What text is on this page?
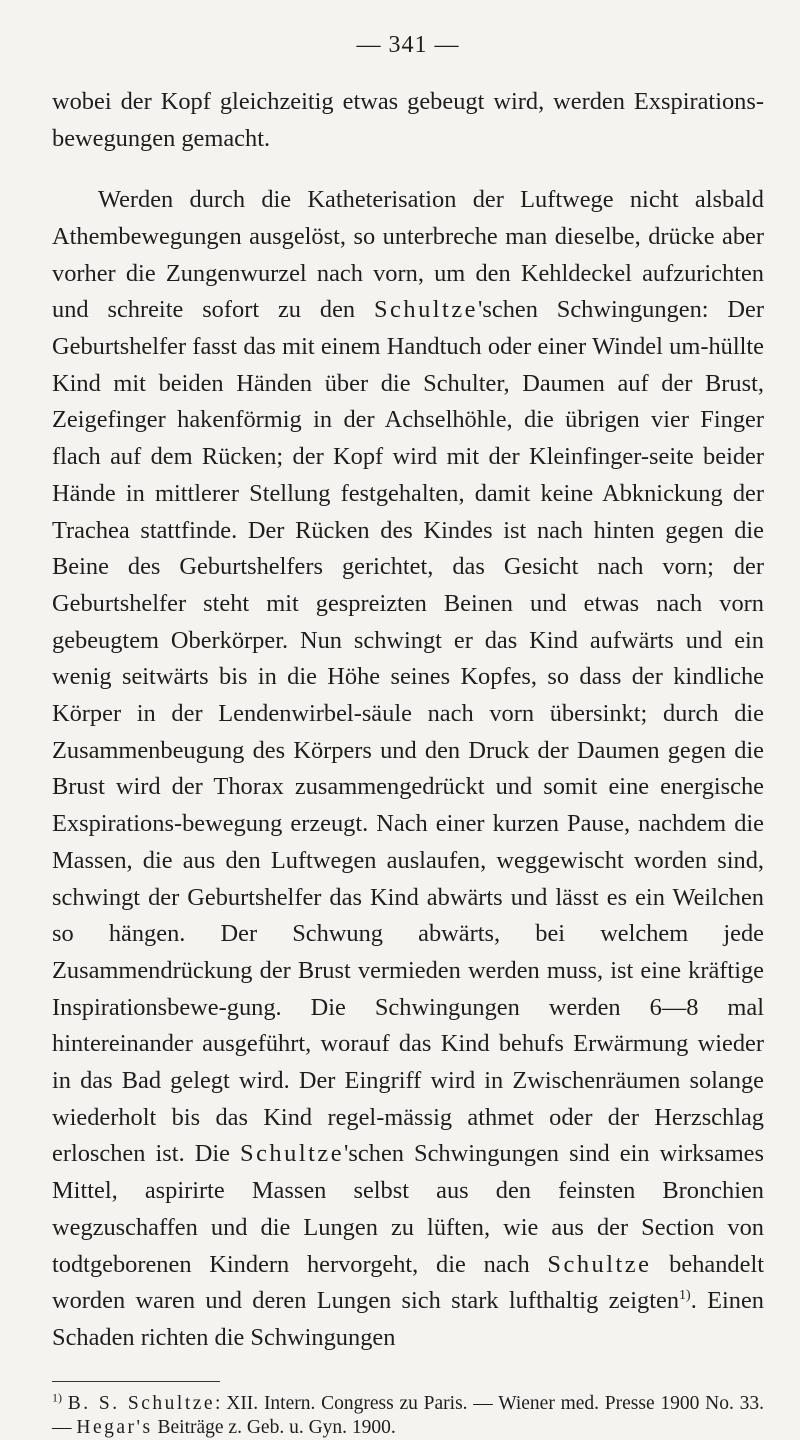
— 341 —

wobei der Kopf gleichzeitig etwas gebeugt wird, werden Exspirations-bewegungen gemacht.

Werden durch die Katheterisation der Luftwege nicht alsbald Athembewegungen ausgelöst, so unterbreche man dieselbe, drücke aber vorher die Zungenwurzel nach vorn, um den Kehldeckel aufzurichten und schreite sofort zu den Schultze'schen Schwingungen: Der Geburtshelfer fasst das mit einem Handtuch oder einer Windel um-hüllte Kind mit beiden Händen über die Schulter, Daumen auf der Brust, Zeigefinger hakenförmig in der Achselhöhle, die übrigen vier Finger flach auf dem Rücken; der Kopf wird mit der Kleinfinger-seite beider Hände in mittlerer Stellung festgehalten, damit keine Abknickung der Trachea stattfinde. Der Rücken des Kindes ist nach hinten gegen die Beine des Geburtshelfers gerichtet, das Gesicht nach vorn; der Geburtshelfer steht mit gespreizten Beinen und etwas nach vorn gebeugtem Oberkörper. Nun schwingt er das Kind aufwärts und ein wenig seitwärts bis in die Höhe seines Kopfes, so dass der kindliche Körper in der Lendenwirbel-säule nach vorn übersinkt; durch die Zusammenbeugung des Körpers und den Druck der Daumen gegen die Brust wird der Thorax zusammengedrückt und somit eine energische Exspirations-bewegung erzeugt. Nach einer kurzen Pause, nachdem die Massen, die aus den Luftwegen auslaufen, weggewischt worden sind, schwingt der Geburtshelfer das Kind abwärts und lässt es ein Weilchen so hängen. Der Schwung abwärts, bei welchem jede Zusammendrückung der Brust vermieden werden muss, ist eine kräftige Inspirationsbewe-gung. Die Schwingungen werden 6—8 mal hintereinander ausgeführt, worauf das Kind behufs Erwärmung wieder in das Bad gelegt wird. Der Eingriff wird in Zwischenräumen solange wiederholt bis das Kind regel-mässig athmet oder der Herzschlag erloschen ist. Die Schultze'schen Schwingungen sind ein wirksames Mittel, aspirirte Massen selbst aus den feinsten Bronchien wegzuschaffen und die Lungen zu lüften, wie aus der Section von todtgeborenen Kindern hervorgeht, die nach Schultze behandelt worden waren und deren Lungen sich stark lufthaltig zeigten$^{1)}$. Einen Schaden richten die Schwingungen

$^{1)}$ B. S. Schultze: XII. Intern. Congress zu Paris. — Wiener med. Presse 1900 No. 33. — Hegar's Beiträge z. Geb. u. Gyn. 1900.
